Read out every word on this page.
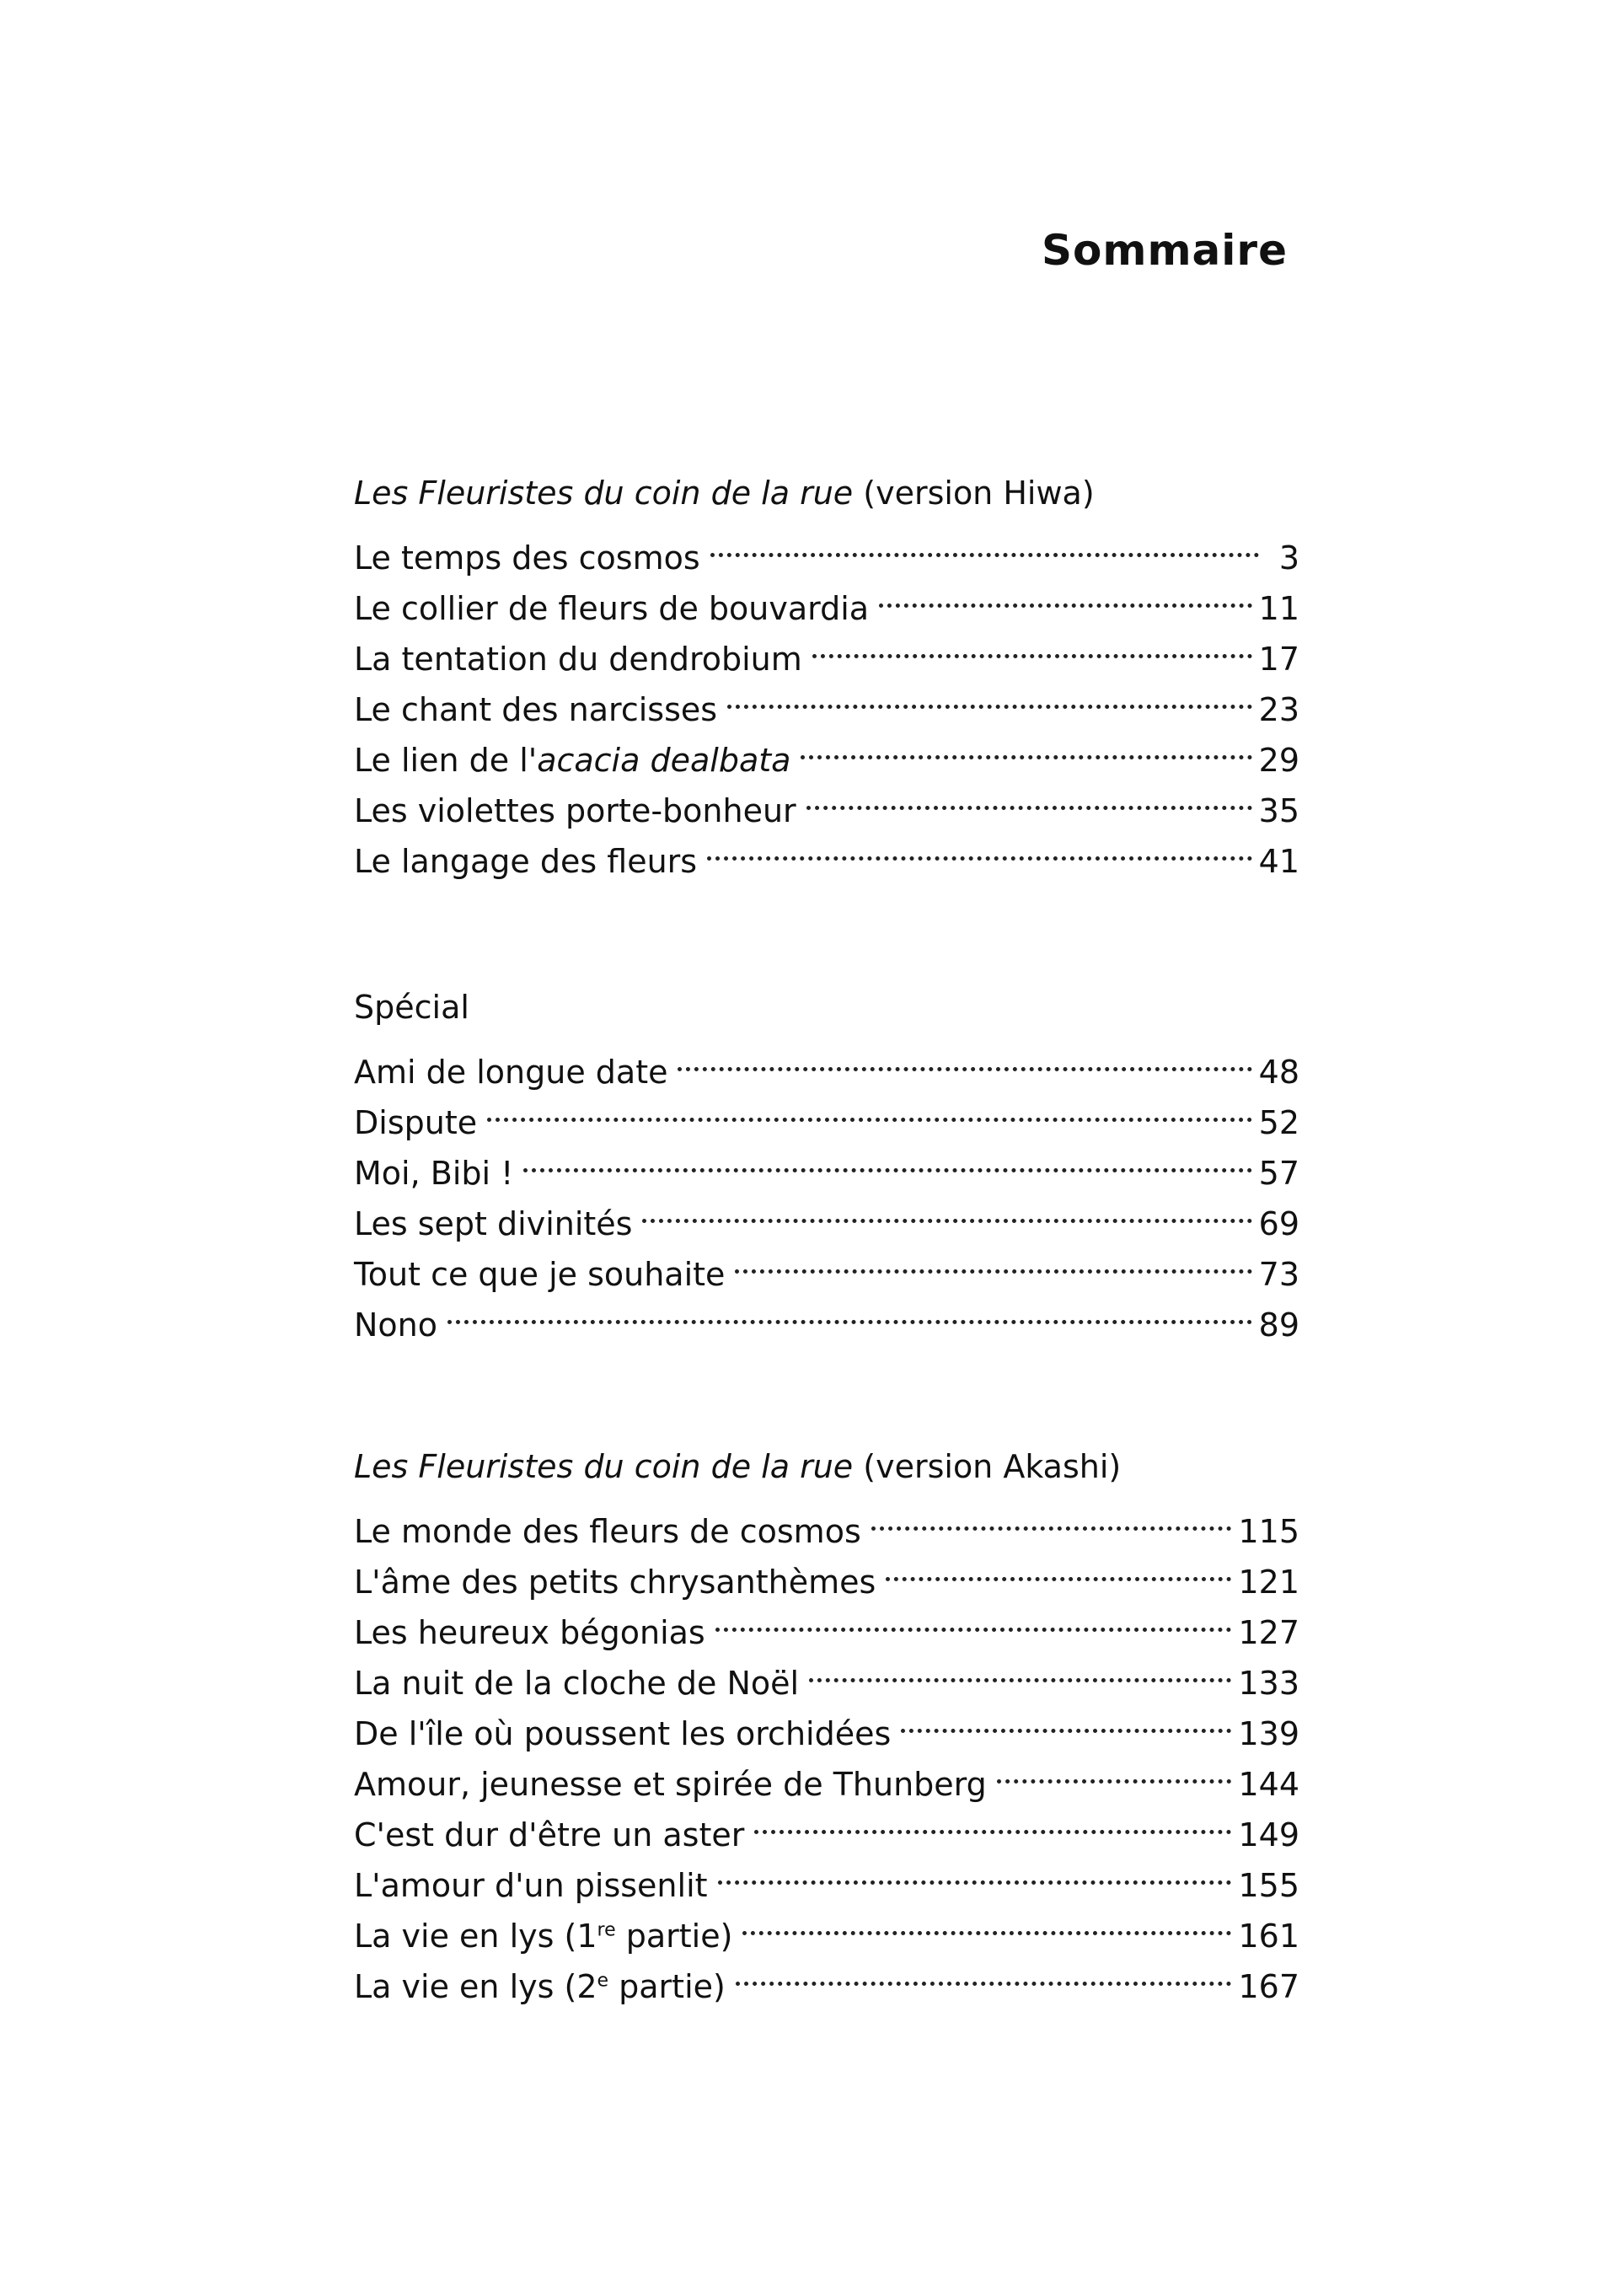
Sommaire
Les Fleuristes du coin de la rue (version Hiwa)
Le temps des cosmos	3
Le collier de fleurs de bouvardia	11
La tentation du dendrobium	17
Le chant des narcisses	23
Le lien de l'acacia dealbata	29
Les violettes porte-bonheur	35
Le langage des fleurs	41
Spécial
Ami de longue date	48
Dispute	52
Moi, Bibi !	57
Les sept divinités	69
Tout ce que je souhaite	73
Nono	89
Les Fleuristes du coin de la rue (version Akashi)
Le monde des fleurs de cosmos	115
L'âme des petits chrysanthèmes	121
Les heureux bégonias	127
La nuit de la cloche de Noël	133
De l'île où poussent les orchidées	139
Amour, jeunesse et spirée de Thunberg	144
C'est dur d'être un aster	149
L'amour d'un pissenlit	155
La vie en lys (1re partie)	161
La vie en lys (2e partie)	167
